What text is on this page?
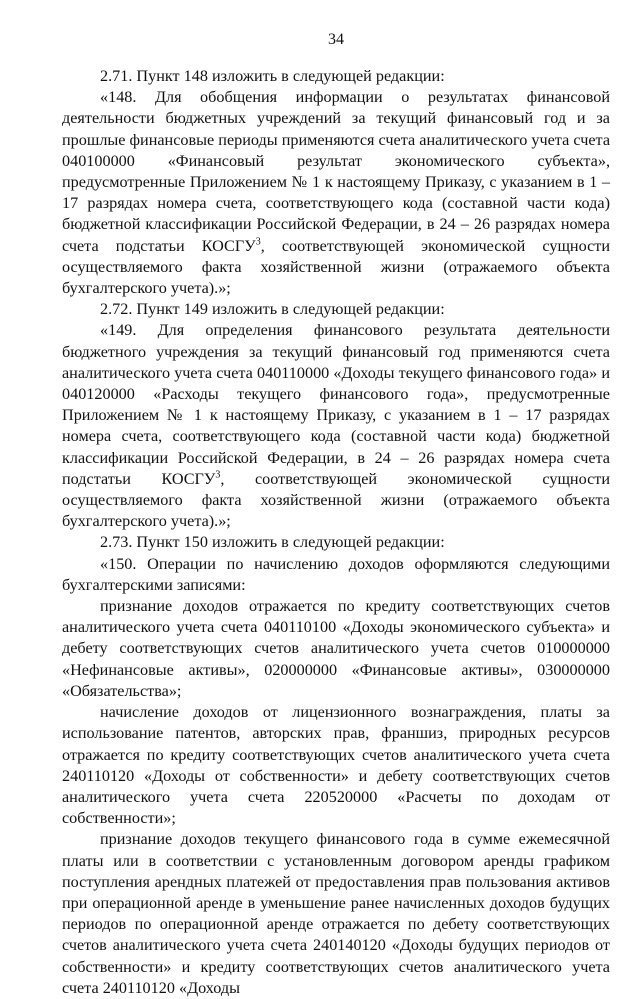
34

2.71. Пункт 148 изложить в следующей редакции:

«148. Для обобщения информации о результатах финансовой деятельности бюджетных учреждений за текущий финансовый год и за прошлые финансовые периоды применяются счета аналитического учета счета 040100000 «Финансовый результат экономического субъекта», предусмотренные Приложением № 1 к настоящему Приказу, с указанием в 1 – 17 разрядах номера счета, соответствующего кода (составной части кода) бюджетной классификации Российской Федерации, в 24 – 26 разрядах номера счета подстатьи КОСГУ$^3$, соответствующей экономической сущности осуществляемого факта хозяйственной жизни (отражаемого объекта бухгалтерского учета).»;

2.72. Пункт 149 изложить в следующей редакции:

«149. Для определения финансового результата деятельности бюджетного учреждения за текущий финансовый год применяются счета аналитического учета счета 040110000 «Доходы текущего финансового года» и 040120000 «Расходы текущего финансового года», предусмотренные Приложением № 1 к настоящему Приказу, с указанием в 1 – 17 разрядах номера счета, соответствующего кода (составной части кода) бюджетной классификации Российской Федерации, в 24 – 26 разрядах номера счета подстатьи КОСГУ$^3$, соответствующей экономической сущности осуществляемого факта хозяйственной жизни (отражаемого объекта бухгалтерского учета).»;

2.73. Пункт 150 изложить в следующей редакции:

«150. Операции по начислению доходов оформляются следующими бухгалтерскими записями:

признание доходов отражается по кредиту соответствующих счетов аналитического учета счета 040110100 «Доходы экономического субъекта» и дебету соответствующих счетов аналитического учета счетов 010000000 «Нефинансовые активы», 020000000 «Финансовые активы», 030000000 «Обязательства»;

начисление доходов от лицензионного вознаграждения, платы за использование патентов, авторских прав, франшиз, природных ресурсов отражается по кредиту соответствующих счетов аналитического учета счета 240110120 «Доходы от собственности» и дебету соответствующих счетов аналитического учета счета 220520000 «Расчеты по доходам от собственности»;

признание доходов текущего финансового года в сумме ежемесячной платы или в соответствии с установленным договором аренды графиком поступления арендных платежей от предоставления прав пользования активов при операционной аренде в уменьшение ранее начисленных доходов будущих периодов по операционной аренде отражается по дебету соответствующих счетов аналитического учета счета 240140120 «Доходы будущих периодов от собственности» и кредиту соответствующих счетов аналитического учета счета 240110120 «Доходы
